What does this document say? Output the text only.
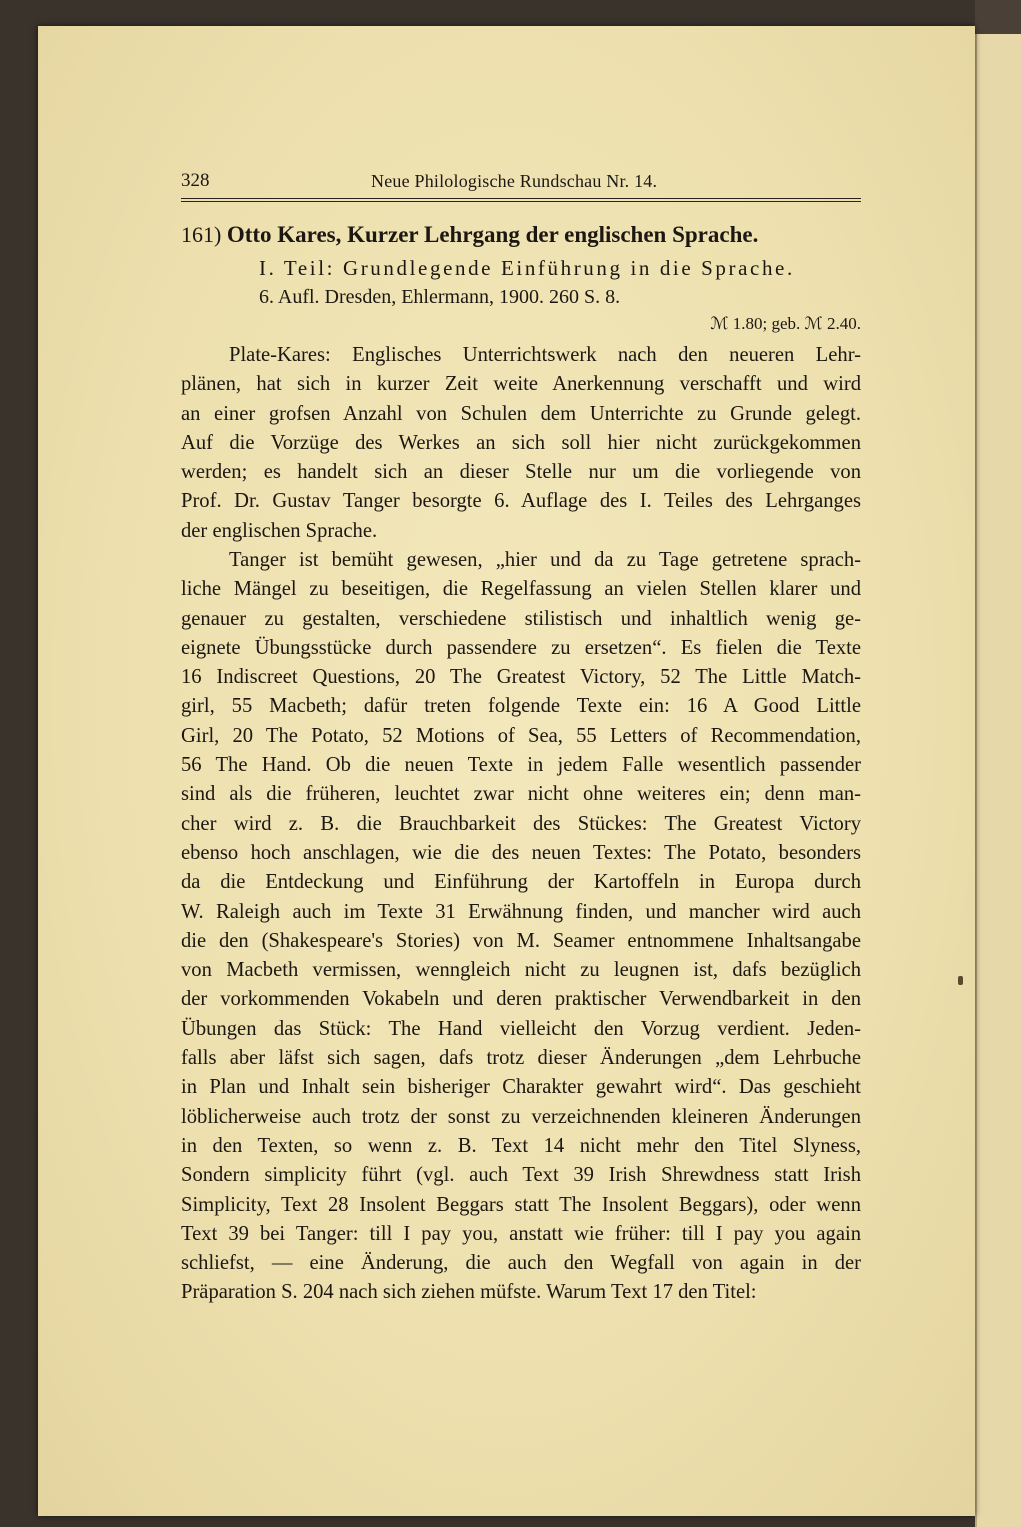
328	Neue Philologische Rundschau Nr. 14.
161) Otto Kares, Kurzer Lehrgang der englischen Sprache.
I. Teil: Grundlegende Einführung in die Sprache.
6. Aufl. Dresden, Ehlermann, 1900. 260 S. 8.
ℳ 1.80; geb. ℳ 2.40.
Plate-Kares: Englisches Unterrichtswerk nach den neueren Lehr-
plänen, hat sich in kurzer Zeit weite Anerkennung verschafft und wird
an einer grofsen Anzahl von Schulen dem Unterrichte zu Grunde gelegt.
Auf die Vorzüge des Werkes an sich soll hier nicht zurückgekommen
werden; es handelt sich an dieser Stelle nur um die vorliegende von
Prof. Dr. Gustav Tanger besorgte 6. Auflage des I. Teiles des Lehrganges
der englischen Sprache.
Tanger ist bemüht gewesen, „hier und da zu Tage getretene sprach-
liche Mängel zu beseitigen, die Regelfassung an vielen Stellen klarer und
genauer zu gestalten, verschiedene stilistisch und inhaltlich wenig ge-
eignete Übungsstücke durch passendere zu ersetzen“. Es fielen die Texte
16 Indiscreet Questions, 20 The Greatest Victory, 52 The Little Match-
girl, 55 Macbeth; dafür treten folgende Texte ein: 16 A Good Little
Girl, 20 The Potato, 52 Motions of Sea, 55 Letters of Recommendation,
56 The Hand. Ob die neuen Texte in jedem Falle wesentlich passender
sind als die früheren, leuchtet zwar nicht ohne weiteres ein; denn man-
cher wird z. B. die Brauchbarkeit des Stückes: The Greatest Victory
ebenso hoch anschlagen, wie die des neuen Textes: The Potato, besonders
da die Entdeckung und Einführung der Kartoffeln in Europa durch
W. Raleigh auch im Texte 31 Erwähnung finden, und mancher wird auch
die den (Shakespeare's Stories) von M. Seamer entnommene Inhaltsangabe
von Macbeth vermissen, wenngleich nicht zu leugnen ist, dafs bezüglich
der vorkommenden Vokabeln und deren praktischer Verwendbarkeit in den
Übungen das Stück: The Hand vielleicht den Vorzug verdient. Jeden-
falls aber läfst sich sagen, dafs trotz dieser Änderungen „dem Lehrbuche
in Plan und Inhalt sein bisheriger Charakter gewahrt wird“. Das geschieht
löblicherweise auch trotz der sonst zu verzeichnenden kleineren Änderungen
in den Texten, so wenn z. B. Text 14 nicht mehr den Titel Slyness,
Sondern simplicity führt (vgl. auch Text 39 Irish Shrewdness statt Irish
Simplicity, Text 28 Insolent Beggars statt The Insolent Beggars), oder wenn
Text 39 bei Tanger: till I pay you, anstatt wie früher: till I pay you again
schliefst, — eine Änderung, die auch den Wegfall von again in der
Präparation S. 204 nach sich ziehen müfste. Warum Text 17 den Titel:
